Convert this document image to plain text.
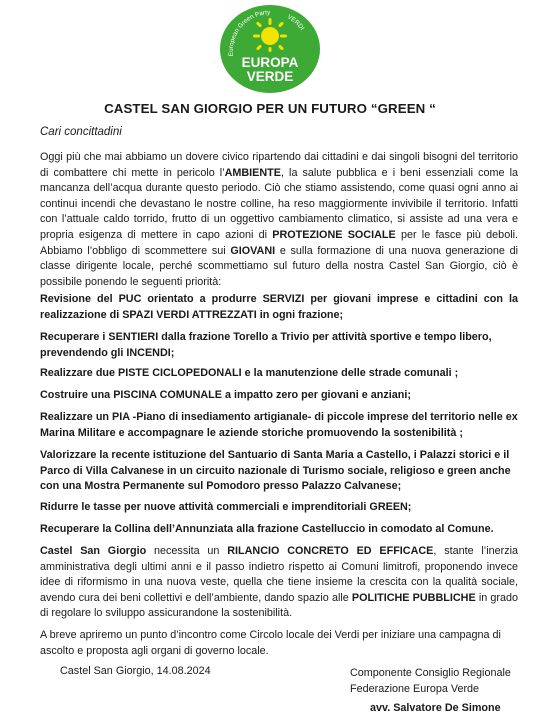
European Green Party
VERDI
EUROPA
VERDE
CASTEL SAN GIORGIO PER UN FUTURO “GREEN “
Cari concittadini

Oggi più che mai abbiamo un dovere civico ripartendo dai cittadini e dai singoli bisogni del territorio di combattere chi mette in pericolo l’AMBIENTE, la salute pubblica e i beni essenziali come la mancanza dell’acqua durante questo periodo. Ciò che stiamo assistendo, come quasi ogni anno ai continui incendi che devastano le nostre colline, ha reso maggiormente invivibile il territorio. Infatti con l’attuale caldo torrido, frutto di un oggettivo cambiamento climatico, si assiste ad una vera e propria esigenza di mettere in capo azioni di PROTEZIONE SOCIALE per le fasce più deboli. Abbiamo l’obbligo di scommettere sui GIOVANI e sulla formazione di una nuova generazione di classe dirigente locale, perché scommettiamo sul futuro della nostra Castel San Giorgio, ciò è possibile ponendo le seguenti priorità:

Revisione del PUC orientato a produrre SERVIZI per giovani imprese e cittadini con la realizzazione di SPAZI VERDI ATTREZZATI in ogni frazione;

Recuperare i SENTIERI dalla frazione Torello a Trivio per attività sportive e tempo libero, prevendendo gli INCENDI;

Realizzare due PISTE CICLOPEDONALI e la manutenzione delle strade comunali ;

Costruire una PISCINA COMUNALE a impatto zero per giovani e anziani;

Realizzare un PIA -Piano di insediamento artigianale- di piccole imprese del territorio nelle ex Marina Militare e accompagnare le aziende storiche promuovendo la sostenibilità ;

Valorizzare la recente istituzione del Santuario di Santa Maria a Castello, i Palazzi storici e il Parco di Villa Calvanese in un circuito nazionale di Turismo sociale, religioso e green anche con una Mostra Permanente sul Pomodoro presso Palazzo Calvanese;

Ridurre le tasse per nuove attività commerciali e imprenditoriali GREEN;

Recuperare la Collina dell’Annunziata alla frazione Castelluccio in comodato al Comune.

Castel San Giorgio necessita un RILANCIO CONCRETO ED EFFICACE, stante l’inerzia amministrativa degli ultimi anni e il passo indietro rispetto ai Comuni limitrofi, proponendo invece idee di riformismo in una nuova veste, quella che tiene insieme la crescita con la qualità sociale, avendo cura dei beni collettivi e dell’ambiente, dando spazio alle POLITICHE PUBBLICHE in grado di regolare lo sviluppo assicurandone la sostenibilità.

A breve apriremo un punto d’incontro come Circolo locale dei Verdi per iniziare una campagna di ascolto e proposta agli organi di governo locale.

Castel San Giorgio, 14.08.2024	Componente Consiglio Regionale
Federazione Europa Verde
avv. Salvatore De Simone
